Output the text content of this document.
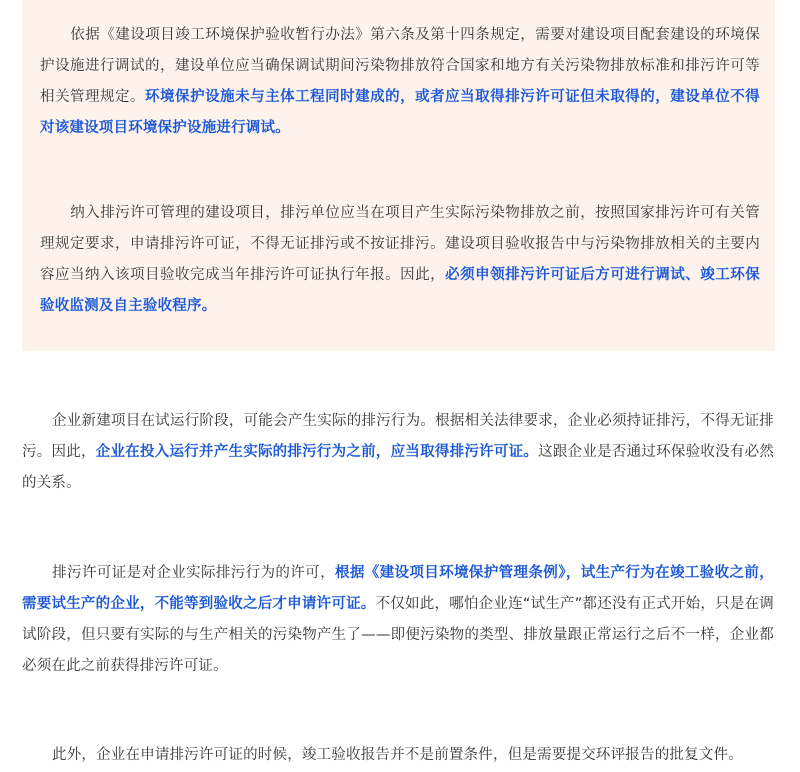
依据《建设项目竣工环境保护验收暂行办法》第六条及第十四条规定，需要对建设项目配套建设的环境保护设施进行调试的，建设单位应当确保调试期间污染物排放符合国家和地方有关污染物排放标准和排污许可等相关管理规定。环境保护设施未与主体工程同时建成的，或者应当取得排污许可证但未取得的，建设单位不得对该建设项目环境保护设施进行调试。

纳入排污许可管理的建设项目，排污单位应当在项目产生实际污染物排放之前，按照国家排污许可有关管理规定要求，申请排污许可证，不得无证排污或不按证排污。建设项目验收报告中与污染物排放相关的主要内容应当纳入该项目验收完成当年排污许可证执行年报。因此，必须申领排污许可证后方可进行调试、竣工环保验收监测及自主验收程序。

企业新建项目在试运行阶段，可能会产生实际的排污行为。根据相关法律要求，企业必须持证排污，不得无证排污。因此，企业在投入运行并产生实际的排污行为之前，应当取得排污许可证。这跟企业是否通过环保验收没有必然的关系。

排污许可证是对企业实际排污行为的许可，根据《建设项目环境保护管理条例》，试生产行为在竣工验收之前，需要试生产的企业，不能等到验收之后才申请许可证。不仅如此，哪怕企业连“试生产”都还没有正式开始，只是在调试阶段，但只要有实际的与生产相关的污染物产生了——即便污染物的类型、排放量跟正常运行之后不一样，企业都必须在此之前获得排污许可证。

此外，企业在申请排污许可证的时候，竣工验收报告并不是前置条件，但是需要提交环评报告的批复文件。
